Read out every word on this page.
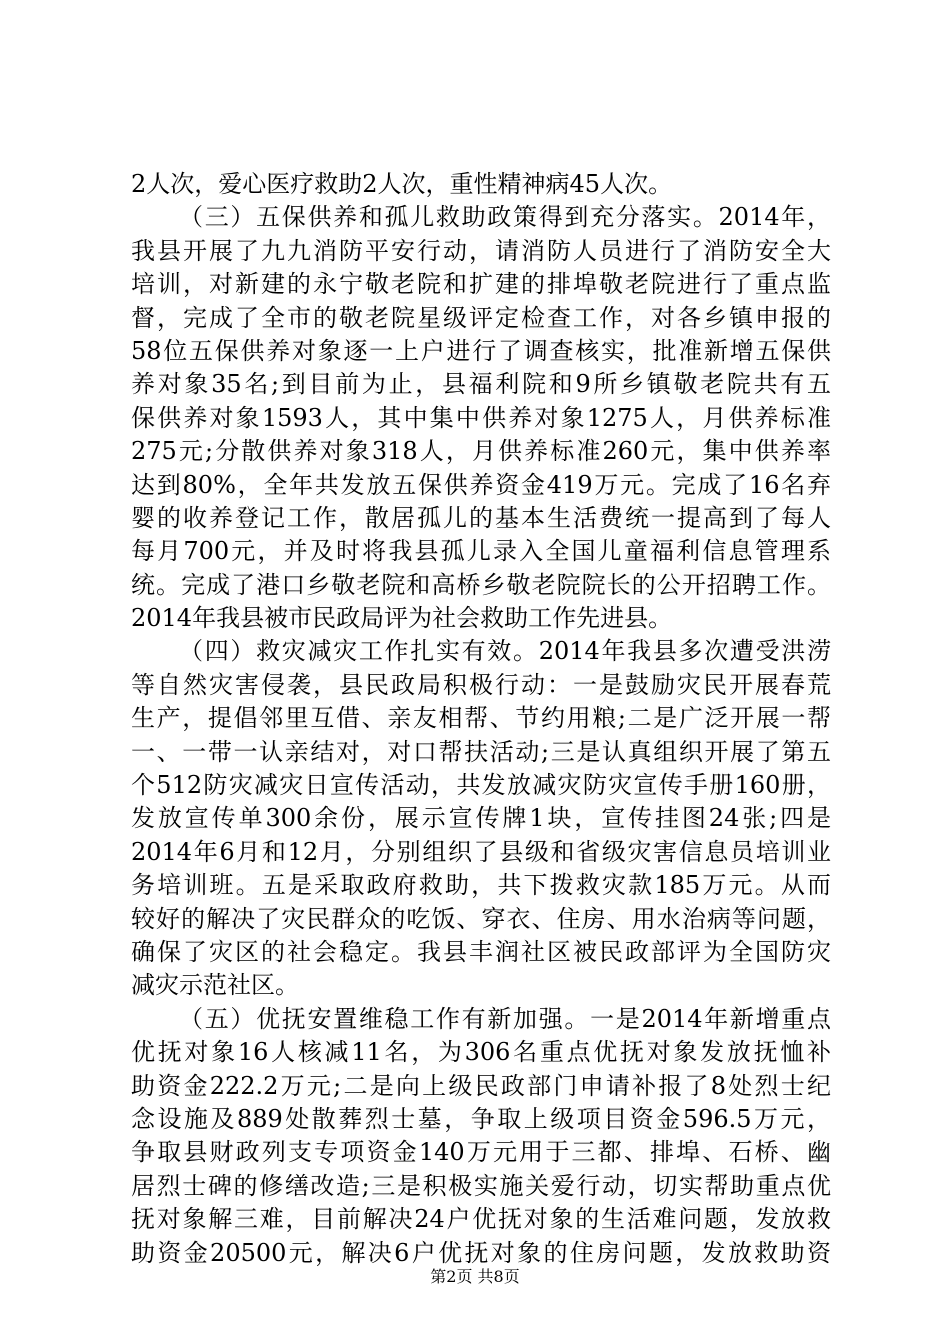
2人次，爱心医疗救助2人次，重性精神病45人次。
（三）五保供养和孤儿救助政策得到充分落实。2014年，
我县开展了九九消防平安行动，请消防人员进行了消防安全大
培训，对新建的永宁敬老院和扩建的排埠敬老院进行了重点监
督，完成了全市的敬老院星级评定检查工作，对各乡镇申报的
58位五保供养对象逐一上户进行了调查核实，批准新增五保供
养对象35名;到目前为止，县福利院和9所乡镇敬老院共有五
保供养对象1593人，其中集中供养对象1275人，月供养标准
275元;分散供养对象318人，月供养标准260元，集中供养率
达到80%，全年共发放五保供养资金419万元。完成了16名弃
婴的收养登记工作，散居孤儿的基本生活费统一提高到了每人
每月700元，并及时将我县孤儿录入全国儿童福利信息管理系
统。完成了港口乡敬老院和高桥乡敬老院院长的公开招聘工作。
2014年我县被市民政局评为社会救助工作先进县。
（四）救灾减灾工作扎实有效。2014年我县多次遭受洪涝
等自然灾害侵袭，县民政局积极行动：一是鼓励灾民开展春荒
生产，提倡邻里互借、亲友相帮、节约用粮;二是广泛开展一帮
一、一带一认亲结对，对口帮扶活动;三是认真组织开展了第五
个512防灾减灾日宣传活动，共发放减灾防灾宣传手册160册，
发放宣传单300余份，展示宣传牌1块，宣传挂图24张;四是
2014年6月和12月，分别组织了县级和省级灾害信息员培训业
务培训班。五是采取政府救助，共下拨救灾款185万元。从而
较好的解决了灾民群众的吃饭、穿衣、住房、用水治病等问题，
确保了灾区的社会稳定。我县丰润社区被民政部评为全国防灾
减灾示范社区。
（五）优抚安置维稳工作有新加强。一是2014年新增重点
优抚对象16人核减11名，为306名重点优抚对象发放抚恤补
助资金222.2万元;二是向上级民政部门申请补报了8处烈士纪
念设施及889处散葬烈士墓，争取上级项目资金596.5万元，
争取县财政列支专项资金140万元用于三都、排埠、石桥、幽
居烈士碑的修缮改造;三是积极实施关爱行动，切实帮助重点优
抚对象解三难，目前解决24户优抚对象的生活难问题，发放救
助资金20500元，解决6户优抚对象的住房问题，发放救助资
第2页 共8页
